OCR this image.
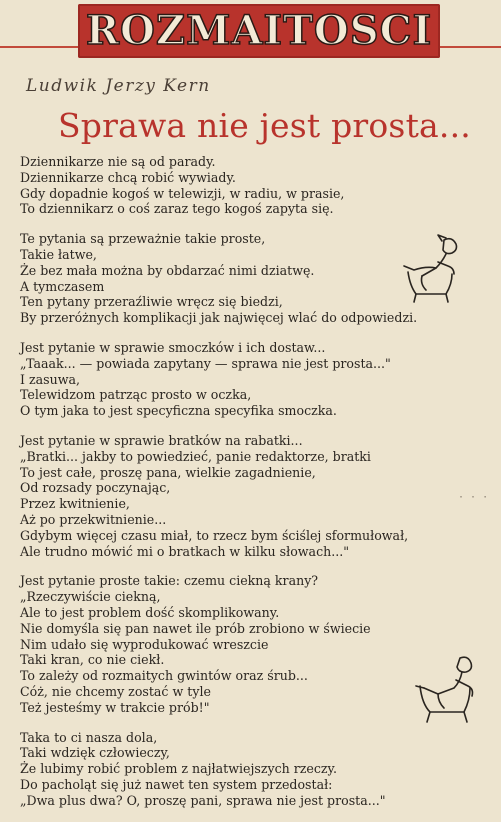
ROZMAITOSCI
Ludwik Jerzy Kern
Sprawa nie jest prosta...
Dziennikarze nie są od parady.
Dziennikarze chcą robić wywiady.
Gdy dopadnie kogoś w telewizji, w radiu, w prasie,
To dziennikarz o coś zaraz tego kogoś zapyta się.
Te pytania są przeważnie takie proste,
Takie łatwe,
Że bez mała można by obdarzać nimi dziatwę.
A tymczasem
Ten pytany przeraźliwie wręcz się biedzi,
By przeróżnych komplikacji jak najwięcej wlać do odpowiedzi.
Jest pytanie w sprawie smoczków i ich dostaw...
„Taaak... — powiada zapytany — sprawa nie jest prosta..."
I zasuwa,
Telewidzom patrząc prosto w oczka,
O tym jaka to jest specyficzna specyfika smoczka.
Jest pytanie w sprawie bratków na rabatki...
„Bratki... jakby to powiedzieć, panie redaktorze, bratki
To jest całe, proszę pana, wielkie zagadnienie,
Od rozsady poczynając,
Przez kwitnienie,
Aż po przekwitnienie...
Gdybym więcej czasu miał, to rzecz bym ściślej sformułował,
Ale trudno mówić mi o bratkach w kilku słowach..."
Jest pytanie proste takie: czemu ciekną krany?
„Rzeczywiście ciekną,
Ale to jest problem dość skomplikowany.
Nie domyśla się pan nawet ile prób zrobiono w świecie
Nim udało się wyprodukować wreszcie
Taki kran, co nie ciekł.
To zależy od rozmaitych gwintów oraz śrub...
Cóż, nie chcemy zostać w tyle
Też jesteśmy w trakcie prób!"
Taka to ci nasza dola,
Taki wdzięk człowieczy,
Że lubimy robić problem z najłatwiejszych rzeczy.
Do pacholąt się już nawet ten system przedostał:
„Dwa plus dwa? O, proszę pani, sprawa nie jest prosta..."
· · ·
